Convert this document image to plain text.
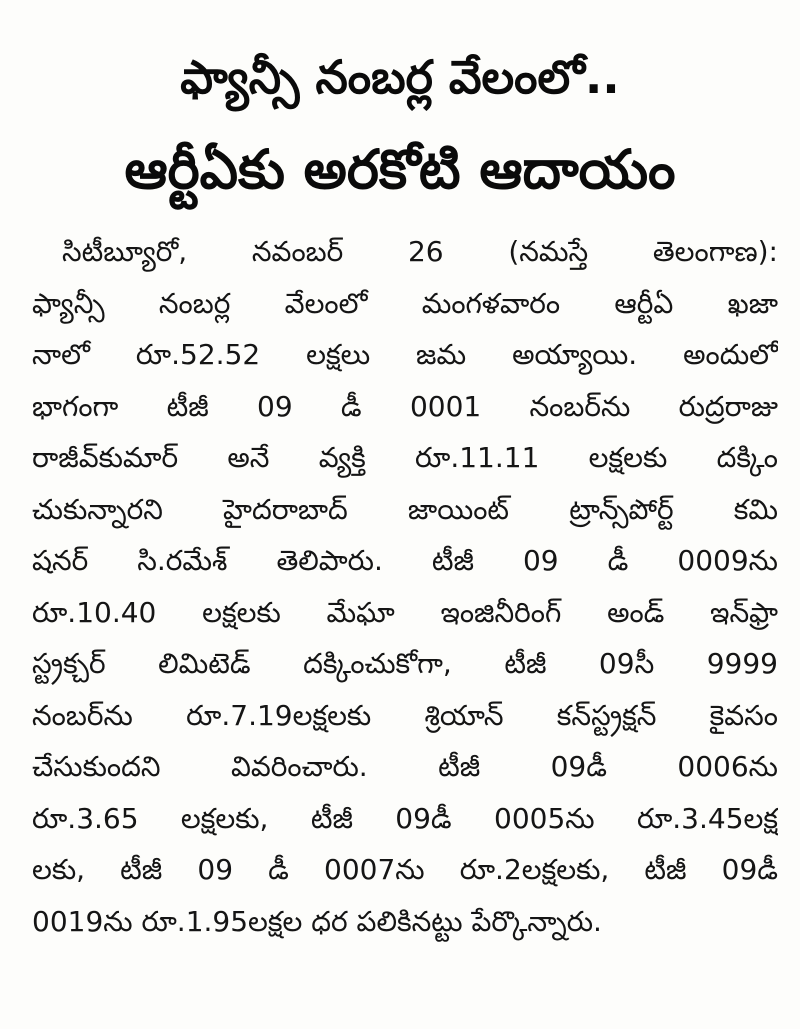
ఫ్యాన్సీ నంబర్ల వేలంలో..
ఆర్టీఏకు అరకోటి ఆదాయం
సిటీబ్యూరో, నవంబర్ 26 (నమస్తే తెలంగాణ):
ఫ్యాన్సీ నంబర్ల వేలంలో మంగళవారం ఆర్టీఏ ఖజా
నాలో రూ.52.52 లక్షలు జమ అయ్యాయి. అందులో
భాగంగా టీజీ 09 డీ 0001 నంబర్‌ను రుద్రరాజు
రాజీవ్‌కుమార్ అనే వ్యక్తి రూ.11.11 లక్షలకు దక్కిం
చుకున్నారని హైదరాబాద్ జాయింట్ ట్రాన్స్‌పోర్ట్ కమి
షనర్ సి.రమేశ్ తెలిపారు. టీజీ 09 డీ 0009ను
రూ.10.40 లక్షలకు మేఘా ఇంజినీరింగ్ అండ్ ఇన్‌ఫ్రా
స్ట్రక్చర్ లిమిటెడ్ దక్కించుకోగా, టీజీ 09సీ 9999
నంబర్‌ను రూ.7.19లక్షలకు శ్రియాన్ కన్‌స్ట్రక్షన్ కైవసం
చేసుకుందని వివరించారు. టీజీ 09డీ 0006ను
రూ.3.65 లక్షలకు, టీజీ 09డీ 0005ను రూ.3.45లక్ష
లకు, టీజీ 09 డీ 0007ను రూ.2లక్షలకు, టీజీ 09డీ
0019ను రూ.1.95లక్షల ధర పలికినట్టు పేర్కొన్నారు.
